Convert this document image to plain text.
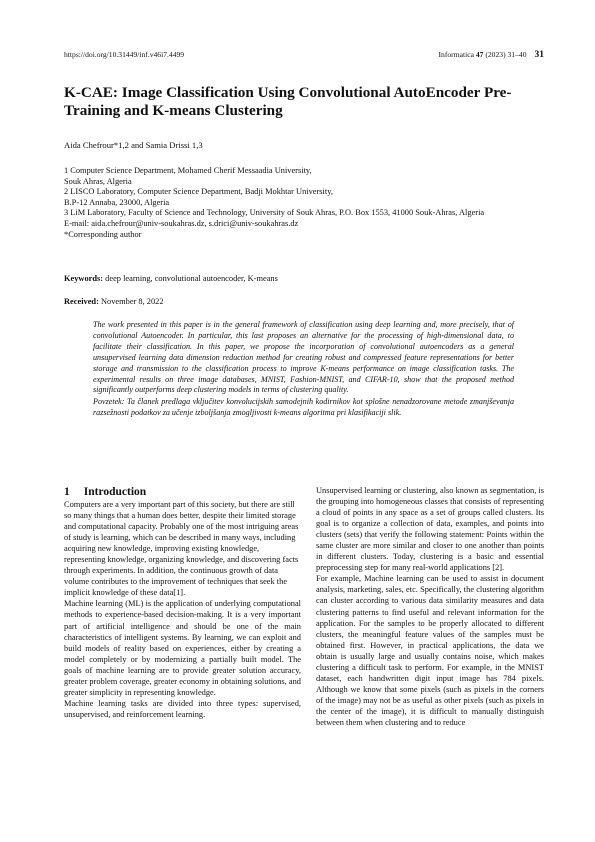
https://doi.org/10.31449/inf.v46i7.4499	Informatica 47 (2023) 31–40 31
K-CAE: Image Classification Using Convolutional AutoEncoder Pre-Training and K-means Clustering
Aida Chefrour*1,2 and Samia Drissi 1,3
1 Computer Science Department, Mohamed Cherif Messaadia University,
Souk Ahras, Algeria
2 LISCO Laboratory, Computer Science Department, Badji Mokhtar University,
B.P-12 Annaba, 23000, Algeria
3 LiM Laboratory, Faculty of Science and Technology, University of Souk Ahras, P.O. Box 1553, 41000 Souk-Ahras, Algeria
E-mail: aida.chefrour@univ-soukahras.dz, s.drici@univ-soukahras.dz
*Corresponding author
Keywords: deep learning, convolutional autoencoder, K-means
Received: November 8, 2022

The work presented in this paper is in the general framework of classification using deep learning and, more precisely, that of convolutional Autoencoder. In particular, this last proposes an alternative for the processing of high-dimensional data, to facilitate their classification. In this paper, we propose the incorporation of convolutional autoencoders as a general unsupervised learning data dimension reduction method for creating robust and compressed feature representations for better storage and transmission to the classification process to improve K-means performance on image classification tasks. The experimental results on three image databases, MNIST, Fashion-MNIST, and CIFAR-10, show that the proposed method significantly outperforms deep clustering models in terms of clustering quality.

Povzetek: Ta članek predlaga vključitev konvolucijskih samodejnih kodirnikov kot splošne nenadzorovane metode zmanjševanja razsežnosti podatkov za učenje izboljšanja zmogljivosti k-means algoritma pri klasifikaciji slik.

1 Introduction

Computers are a very important part of this society, but there are still so many things that a human does better, despite their limited storage and computational capacity. Probably one of the most intriguing areas of study is learning, which can be described in many ways, including acquiring new knowledge, improving existing knowledge, representing knowledge, organizing knowledge, and discovering facts through experiments. In addition, the continuous growth of data volume contributes to the improvement of techniques that seek the implicit knowledge of these data[1].

Machine learning (ML) is the application of underlying computational methods to experience-based decision-making. It is a very important part of artificial intelligence and should be one of the main characteristics of intelligent systems. By learning, we can exploit and build models of reality based on experiences, either by creating a model completely or by modernizing a partially built model. The goals of machine learning are to provide greater solution accuracy, greater problem coverage, greater economy in obtaining solutions, and greater simplicity in representing knowledge.

Machine learning tasks are divided into three types: supervised, unsupervised, and reinforcement learning.

Unsupervised learning or clustering, also known as segmentation, is the grouping into homogeneous classes that consists of representing a cloud of points in any space as a set of groups called clusters. Its goal is to organize a collection of data, examples, and points into clusters (sets) that verify the following statement: Points within the same cluster are more similar and closer to one another than points in different clusters. Today, clustering is a basic and essential preprocessing step for many real-world applications [2].

For example, Machine learning can be used to assist in document analysis, marketing, sales, etc. Specifically, the clustering algorithm can cluster according to various data similarity measures and data clustering patterns to find useful and relevant information for the application. For the samples to be properly allocated to different clusters, the meaningful feature values of the samples must be obtained first. However, in practical applications, the data we obtain is usually large and usually contains noise, which makes clustering a difficult task to perform. For example, in the MNIST dataset, each handwritten digit input image has 784 pixels. Although we know that some pixels (such as pixels in the corners of the image) may not be as useful as other pixels (such as pixels in the center of the image), it is difficult to manually distinguish between them when clustering and to reduce
